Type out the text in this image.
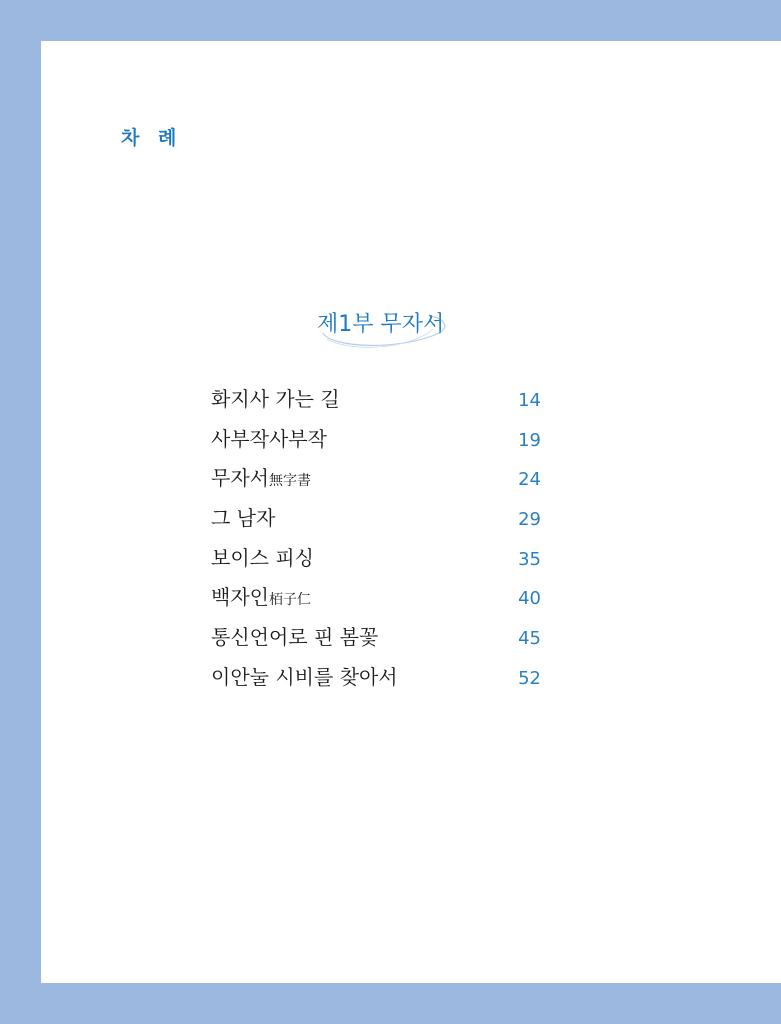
차 례
제1부 무자서
화지사 가는 길	14
사부작사부작	19
무자서無字書	24
그 남자	29
보이스 피싱	35
백자인栢子仁	40
통신언어로 핀 봄꽃	45
이안눌 시비를 찾아서	52
